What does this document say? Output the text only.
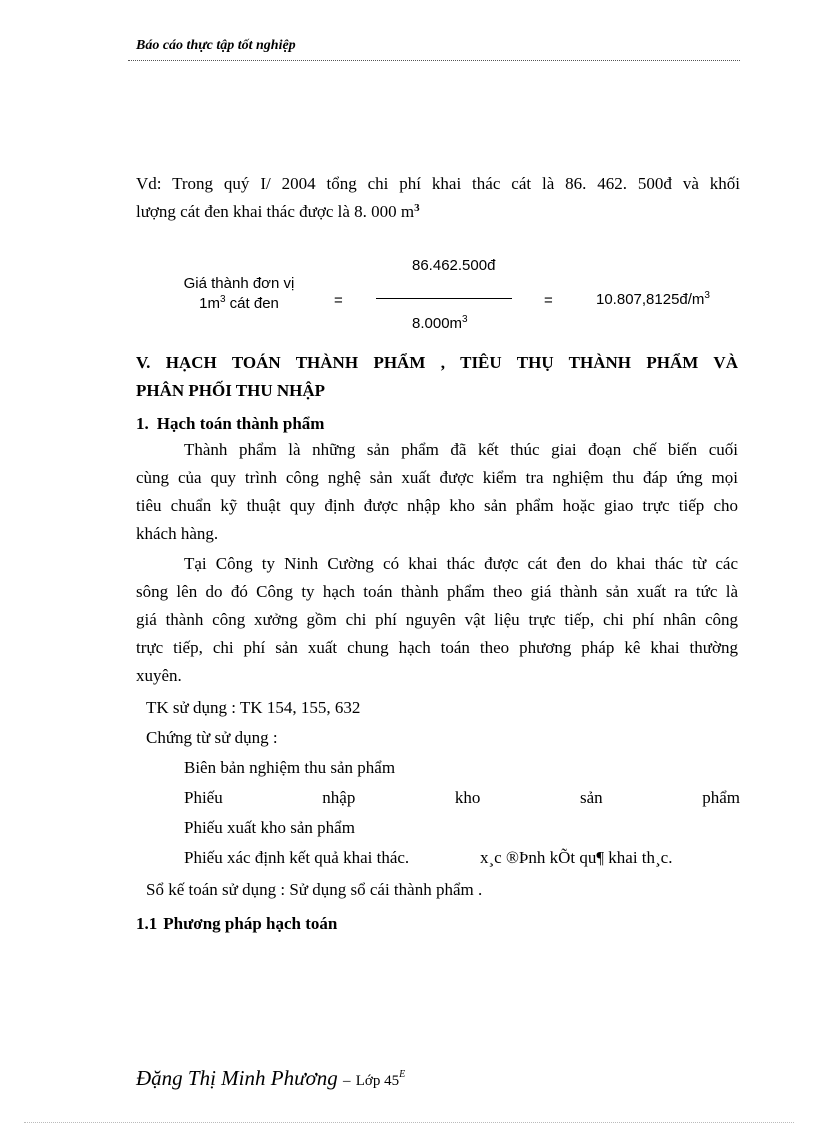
Báo cáo thực tập tốt nghiệp
Vd: Trong quý I/ 2004 tổng chi phí khai thác cát là 86. 462. 500đ và khối
lượng cát đen khai thác được là 8. 000 $m^3$
Giá thành đơn vị
$1m^3$ cát đen	=
86.462.500đ
$8.000m^3$
=	$10.807,8125đ/m^3$
V. HẠCH TOÁN THÀNH PHẨM , TIÊU THỤ THÀNH PHẨM VÀ
PHÂN PHỐI THU NHẬP
1. Hạch toán thành phẩm
Thành phẩm là những sản phẩm đã kết thúc giai đoạn chế biến cuối
cùng của quy trình công nghệ sản xuất được kiểm tra nghiệm thu đáp ứng mọi
tiêu chuẩn kỹ thuật quy định được nhập kho sản phẩm hoặc giao trực tiếp cho
khách hàng.
Tại Công ty Ninh Cường có khai thác được cát đen do khai thác từ các
sông lên do đó Công ty hạch toán thành phẩm theo giá thành sản xuất ra tức là
giá thành công xưởng gồm chi phí nguyên vật liệu trực tiếp, chi phí nhân công
trực tiếp, chi phí sản xuất chung hạch toán theo phương pháp kê khai thường
xuyên.
TK sử dụng : TK 154, 155, 632
Chứng từ sử dụng :
Biên bản nghiệm thu sản phẩm
Phiếu	nhập	kho	sản	phẩm
Phiếu xuất kho sản phẩm
Phiếu xác định kết quả khai thác.	x¸c ®Þnh kÕt qu¶ khai th¸c.
Sổ kế toán sử dụng : Sử dụng sổ cái thành phẩm .
1.1 Phương pháp hạch toán
Đặng Thị Minh Phương – Lớp $45^E$
